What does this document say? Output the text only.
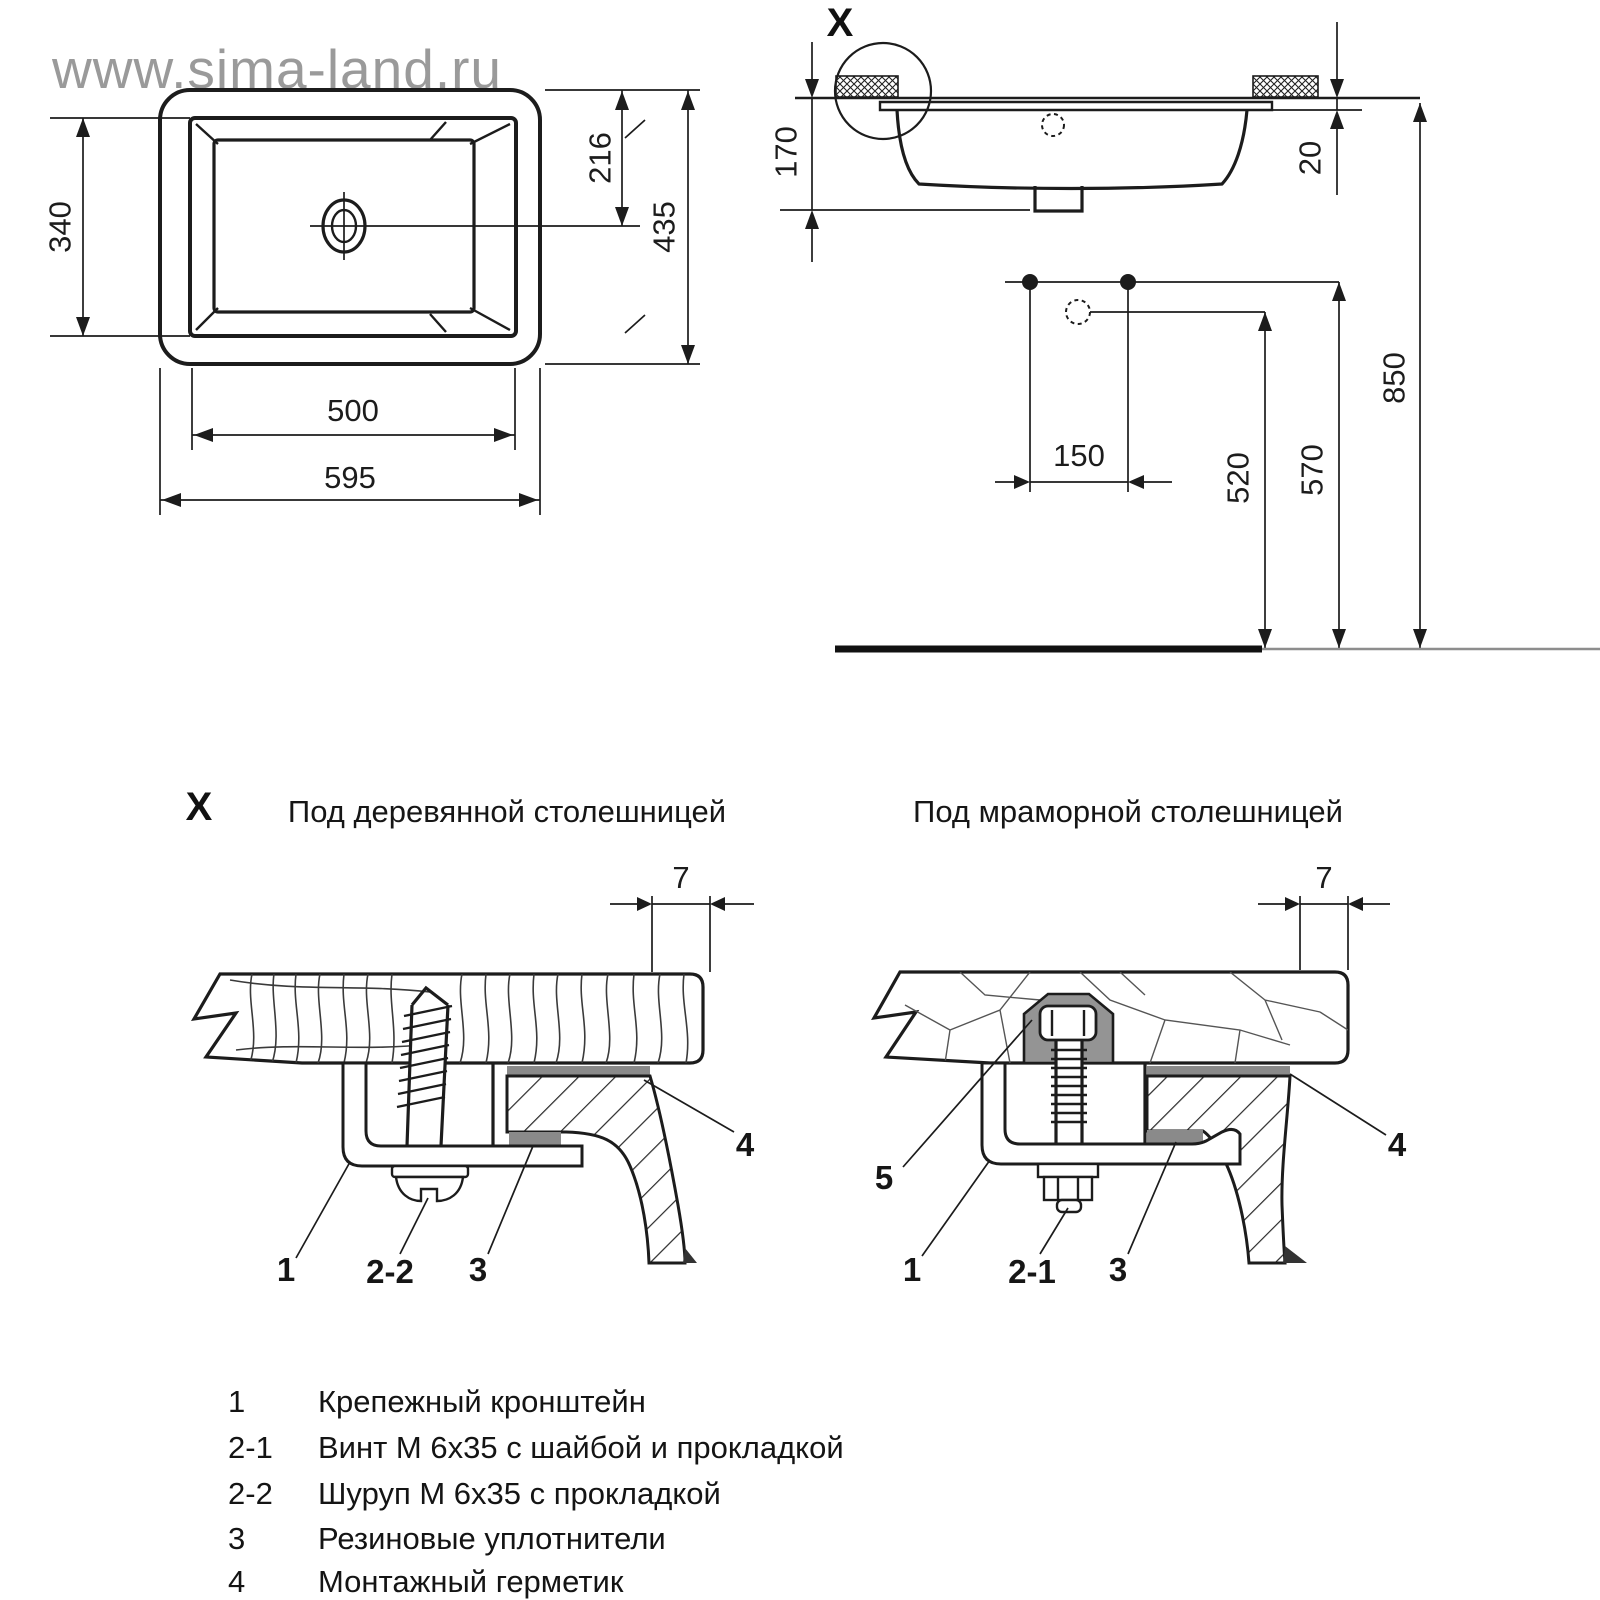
www.sima-land.ru
340
216
435
500
595
X
170	20
150	520 570
850
X Под деревянной столешницей
7
1 2-2 3
4
Под мраморной столешницей
7
5
1	2-1 3
4
1 Крепежный кронштейн
2-1 Винт М 6х35 с шайбой и прокладкой
2-2 Шуруп М 6х35 с прокладкой
3 Резиновые уплотнители
4 Монтажный герметик
